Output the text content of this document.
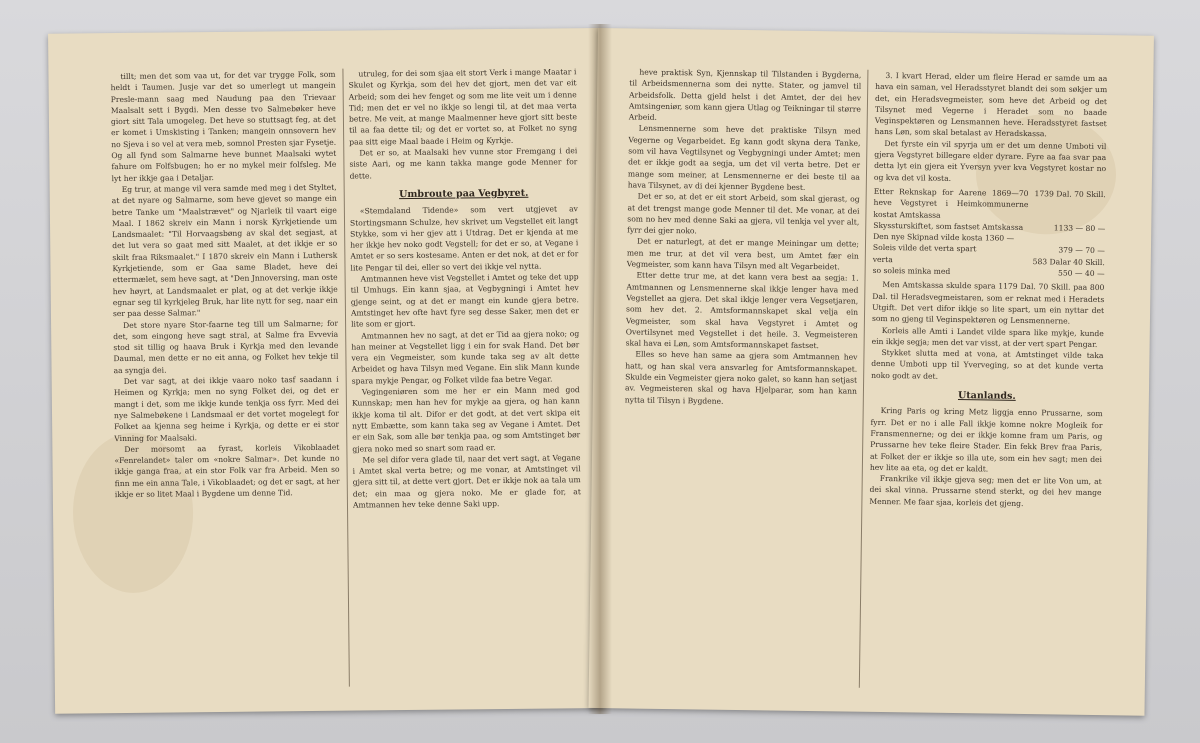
tillt; men det som vaa ut, for det var trygge Folk, som heldt i Taumen. Jusje var det so umerlegt ut mangein Presle-mann saag med Naudung paa den Trievaar Maalsalt sett i Bygdi. Men desse tvo Salmebøker heve giort sitt Tala umogeleg. Det heve so stuttsagt feg, at det er komet i Umskisting i Tanken; mangein onnsovern hev no Sjeva i so vel at vera meb, somnol Presten sjar Fysetje. Og all fynd som Salmarne heve bunnet Maalsaki wytet fahure om Folfsbugen; ho er no mykel meir folfsleg. Me lyt her ikkje gaa i Detaljar.

Eg trur, at mange vil vera samde med meg i det Styltet, at det nyare og Salmarne, som heve gjevet so mange ein betre Tanke um "Maalstrævet" og Njarleik til vaart eige Maal. I 1862 skreiv ein Mann i norsk Kyrkjetiende um Landsmaalet: "Til Horvaagsbøng av skal det segjast, at det lut vera so gaat med sitt Maalet, at det ikkje er so skilt fraa Riksmaalet." I 1870 skreiv ein Mann i Luthersk Kyrkjetiende, som er Gaa same Bladet, heve dei ettermælet, sem heve sagt, at "Den Jnnoversing, man oste hev høyrt, at Landsmaalet er plat, og at det verkje ikkje egnar seg til kyrkjeleg Bruk, har lite nytt for seg, naar ein ser paa desse Salmar."

Det store nyare Stor-faarne teg till um Salmarne; for det, som eingong heve sagt stral, at Salme fra Evvevia stod sit tillig og haava Bruk i Kyrkja med den levande Daumal, men dette er no eit anna, og Folket hev tekje til aa syngja dei.

Det var sagt, at dei ikkje vaaro noko tasf saadann i Heimen og Kyrkja; men no syng Folket dei, og det er mangt i det, som me ikkje kunde tenkja oss fyrr. Med dei nye Salmebøkene i Landsmaal er det vortet mogelegt for Folket aa kjenna seg heime i Kyrkja, og dette er ei stor Vinning for Maalsaki.

Der morsomt aa fyrast, korleis Vikoblaadet «Fenrelandet» taler om «nokre Salmar». Det kunde no ikkje ganga fraa, at ein stor Folk var fra Arbeid. Men so finn me ein anna Tale, i Vikoblaadet; og det er sagt, at her ikkje er so litet Maal i Bygdene um denne Tid.

utruleg, for dei som sjaa eit stort Verk i mange Maatar i Skulet og Kyrkja, som dei hev det gjort, men det var eit Arbeid; som dei hev fenget og som me lite veit um i denne Tid; men det er vel no ikkje so lengi til, at det maa verta betre. Me veit, at mange Maalmenner heve gjort sitt beste til aa faa dette til; og det er vortet so, at Folket no syng paa sitt eige Maal baade i Heim og Kyrkje.

Det er so, at Maalsaki hev vunne stor Fremgang i dei siste Aari, og me kann takka mange gode Menner for dette.

Umbroute paa Vegbyret.

«Stemdaland Tidende» som vert utgjevet av Stortingsmann Schulze, hev skrivet um Vegstellet eit langt Stykke, som vi her gjev att i Utdrag. Det er kjenda at me her ikkje hev noko godt Vegstell; for det er so, at Vegane i Amtet er so sers kostesame. Anten er det nok, at det er for lite Pengar til dei, eller so vert dei ikkje vel nytta.

Amtmannen heve vist Vegstellet i Amtet og teke det upp til Umhugs. Ein kann sjaa, at Vegbygningi i Amtet hev gjenge seint, og at det er mangt ein kunde gjera betre. Amtstinget hev ofte havt fyre seg desse Saker, men det er lite som er gjort.

Amtmannen hev no sagt, at det er Tid aa gjera noko; og han meiner at Vegstellet ligg i ein for svak Hand. Det bør vera ein Vegmeister, som kunde taka seg av alt dette Arbeidet og hava Tilsyn med Vegane. Ein slik Mann kunde spara mykje Pengar, og Folket vilde faa betre Vegar.

Vegingeniøren som me her er ein Mann med god Kunnskap; men han hev for mykje aa gjera, og han kann ikkje koma til alt. Difor er det godt, at det vert skipa eit nytt Embætte, som kann taka seg av Vegane i Amtet. Det er ein Sak, som alle bør tenkja paa, og som Amtstinget bør gjera noko med so snart som raad er.

Me sel difor vera glade til, naar det vert sagt, at Vegane i Amtet skal verta betre; og me vonar, at Amtstinget vil gjera sitt til, at dette vert gjort. Det er ikkje nok aa tala um det; ein maa og gjera noko. Me er glade for, at Amtmannen hev teke denne Saki upp.

heve praktisk Syn, Kjennskap til Tilstanden i Bygderna, til Arbeidsmennerna som dei nytte. Stater, og jamvel til Arbeidsfolk. Detta gjeld helst i det Amtet, der dei hev Amtsingeniør, som kann gjera Utlag og Teikningar til større Arbeid.

Lensmennerne som heve det praktiske Tilsyn med Vegerne og Vegarbeidet. Eg kann godt skyna dera Tanke, som vil hava Vegtilsynet og Vegbygningi under Amtet; men det er ikkje godt aa segja, um det vil verta betre. Det er mange som meiner, at Lensmennerne er dei beste til aa hava Tilsynet, av di dei kjenner Bygdene best.

Det er so, at det er eit stort Arbeid, som skal gjerast, og at det trengst mange gode Menner til det. Me vonar, at dei som no hev med denne Saki aa gjera, vil tenkja vel yver alt, fyrr dei gjer noko.

Det er naturlegt, at det er mange Meiningar um dette; men me trur, at det vil vera best, um Amtet fær ein Vegmeister, som kann hava Tilsyn med alt Vegarbeidet.

Etter dette trur me, at det kann vera best aa segja: 1. Amtmannen og Lensmennerne skal ikkje lenger hava med Vegstellet aa gjera. Det skal ikkje lenger vera Vegsetjaren, som hev det. 2. Amtsformannskapet skal velja ein Vegmeister, som skal hava Vegstyret i Amtet og Overtilsynet med Vegstellet i det heile. 3. Vegmeisteren skal hava ei Løn, som Amtsformannskapet fastset.

Elles so heve han same aa gjera som Amtmannen hev hatt, og han skal vera ansvarleg for Amtsformannskapet. Skulde ein Vegmeister gjera noko galet, so kann han setjast av. Vegmeisteren skal og hava Hjelparar, som han kann nytta til Tilsyn i Bygdene.

3. I kvart Herad, elder um fleire Herad er samde um aa hava ein saman, vel Heradsstyret blandt dei som søkjer um det, ein Heradsvegmeister, som heve det Arbeid og det Tilsynet med Vegerne i Heradet som no baade Veginspektøren og Lensmannen heve. Heradsstyret fastset hans Løn, som skal betalast av Heradskassa.

Det fyrste ein vil spyrja um er det um denne Umboti vil gjera Vegstyret billegare elder dyrare. Fyre aa faa svar paa detta lyt ein gjera eit Yversyn yver kva Vegstyret kostar no og kva det vil kosta.

Etter Reknskap for Aarene 1869—70 heve Vegstyret i Heimkommunerne kostat Amtskassa
1739 Dal. 70 Skill.
Skyssturskiftet, som fastset Amtskassa	1133 — 80 —
Den nye Skipnad vilde kosta 1360 —
Soleis vilde det verta spart	379 — 70 —
verta	583 Dalar 40 Skill.
so soleis minka med	550 — 40 —

Men Amtskassa skulde spara 1179 Dal. 70 Skill. paa 800 Dal. til Heradsvegmeistaren, som er reknat med i Heradets Utgift. Det vert difor ikkje so lite spart, um ein nyttar det som no gjeng til Veginspektøren og Lensmennerne.

Korleis alle Amti i Landet vilde spara like mykje, kunde ein ikkje segja; men det var visst, at der vert spart Pengar.

Stykket slutta med at vona, at Amtstinget vilde taka denne Umboti upp til Yverveging, so at det kunde verta noko godt av det.

Utanlands.

Kring Paris og kring Metz liggja enno Prussarne, som fyrr. Det er no i alle Fall ikkje komne nokre Mogleik for Fransmennerne; og dei er ikkje komne fram um Paris, og Prussarne hev teke fleire Stader. Ein fekk Brev fraa Paris, at Folket der er ikkje so illa ute, som ein hev sagt; men dei hev lite aa eta, og det er kaldt.

Frankrike vil ikkje gjeva seg; men det er lite Von um, at dei skal vinna. Prussarne stend sterkt, og dei hev mange Menner. Me faar sjaa, korleis det gjeng.
